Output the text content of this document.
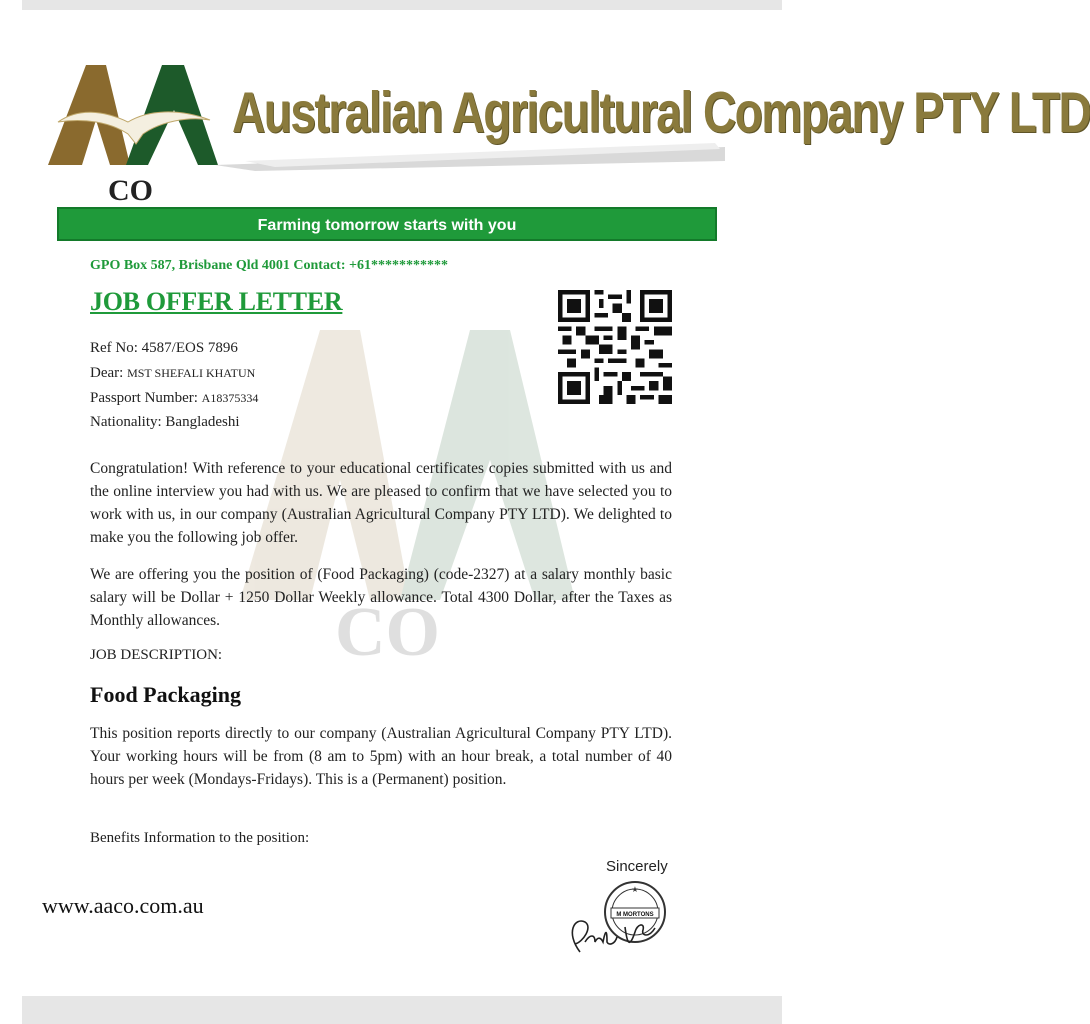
CO
Australian Agricultural Company PTY LTD
Farming tomorrow starts with you
GPO Box 587, Brisbane Qld 4001 Contact: +61***********
JOB OFFER LETTER
CO
Ref No: 4587/EOS 7896
Dear: MST SHEFALI KHATUN
Passport Number: A18375334
Nationality: Bangladeshi
Congratulation! With reference to your educational certificates copies submitted with us and the online interview you had with us. We are pleased to confirm that we have selected you to work with us, in our company (Australian Agricultural Company PTY LTD). We delighted to make you the following job offer.
We are offering you the position of (Food Packaging) (code-2327) at a salary monthly basic salary will be Dollar + 1250 Dollar Weekly allowance. Total 4300 Dollar, after the Taxes as Monthly allowances.
JOB DESCRIPTION:
Food Packaging
This position reports directly to our company (Australian Agricultural Company PTY LTD). Your working hours will be from (8 am to 5pm) with an hour break, a total number of 40 hours per week (Mondays-Fridays). This is a (Permanent) position.
Benefits Information to the position:
Sincerely
www.aaco.com.au	M MORTONS
★
